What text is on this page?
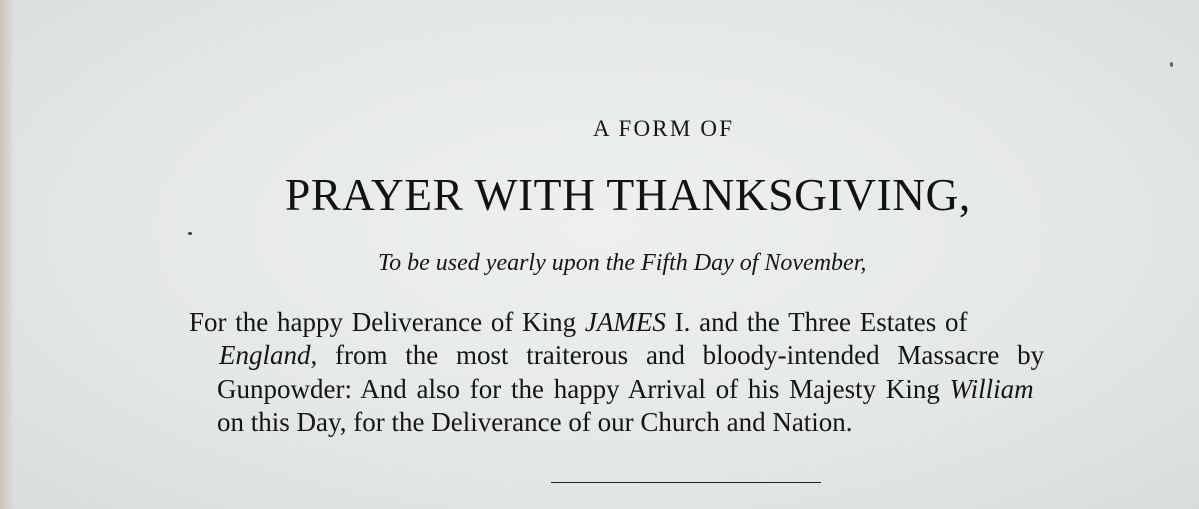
A FORM OF
PRAYER WITH THANKSGIVING,
To be used yearly upon the Fifth Day of November,
For the happy Deliverance of King JAMES I. and the Three Estates of
England, from the most traiterous and bloody-intended Massacre by
Gunpowder: And also for the happy Arrival of his Majesty King William
on this Day, for the Deliverance of our Church and Nation.
